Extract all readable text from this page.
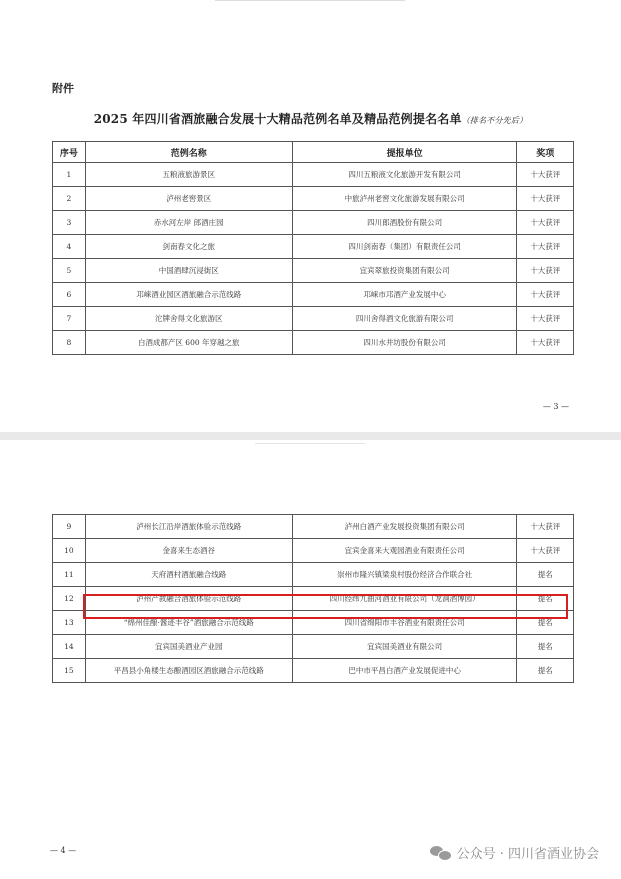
附件
2025 年四川省酒旅融合发展十大精品范例名单及精品范例提名名单（排名不分先后）
序号	范例名称	提报单位	奖项
1	五粮液旅游景区	四川五粮液文化旅游开发有限公司	十大获评
2	泸州老窖景区	中旅泸州老窖文化旅游发展有限公司	十大获评
3	赤水河左岸 郎酒庄园	四川郎酒股份有限公司	十大获评
4	剑南春文化之旅	四川剑南春（集团）有限责任公司	十大获评
5	中国酒肆沉浸街区	宜宾翠旅投资集团有限公司	十大获评
6	邛崃酒业园区酒旅融合示范线路	邛崃市邛酒产业发展中心	十大获评
7	沱牌舍得文化旅游区	四川舍得酒文化旅游有限公司	十大获评
8	白酒成都产区 600 年穿越之旅	四川水井坊股份有限公司	十大获评
— 3 —
9	泸州长江沿岸酒旅体验示范线路	泸州白酒产业发展投资集团有限公司	十大获评
10	金喜来生态酒谷	宜宾金喜来大观园酒业有限责任公司	十大获评
11	天府酒村酒旅融合线路	崇州市隆兴镇梁泉村股份经济合作联合社	提名
12	泸州产教融合酒旅体验示范线路	四川经纬九曲河酒业有限公司（龙洞酒博园）	提名
13	“绵州佳酿·酱迹丰谷”酒旅融合示范线路	四川省绵阳市丰谷酒业有限责任公司	提名
14	宜宾国美酒业产业园	宜宾国美酒业有限公司	提名
15	平昌县小角楼生态酿酒园区酒旅融合示范线路	巴中市平昌白酒产业发展促进中心	提名
— 4 —	公众号 · 四川省酒业协会
